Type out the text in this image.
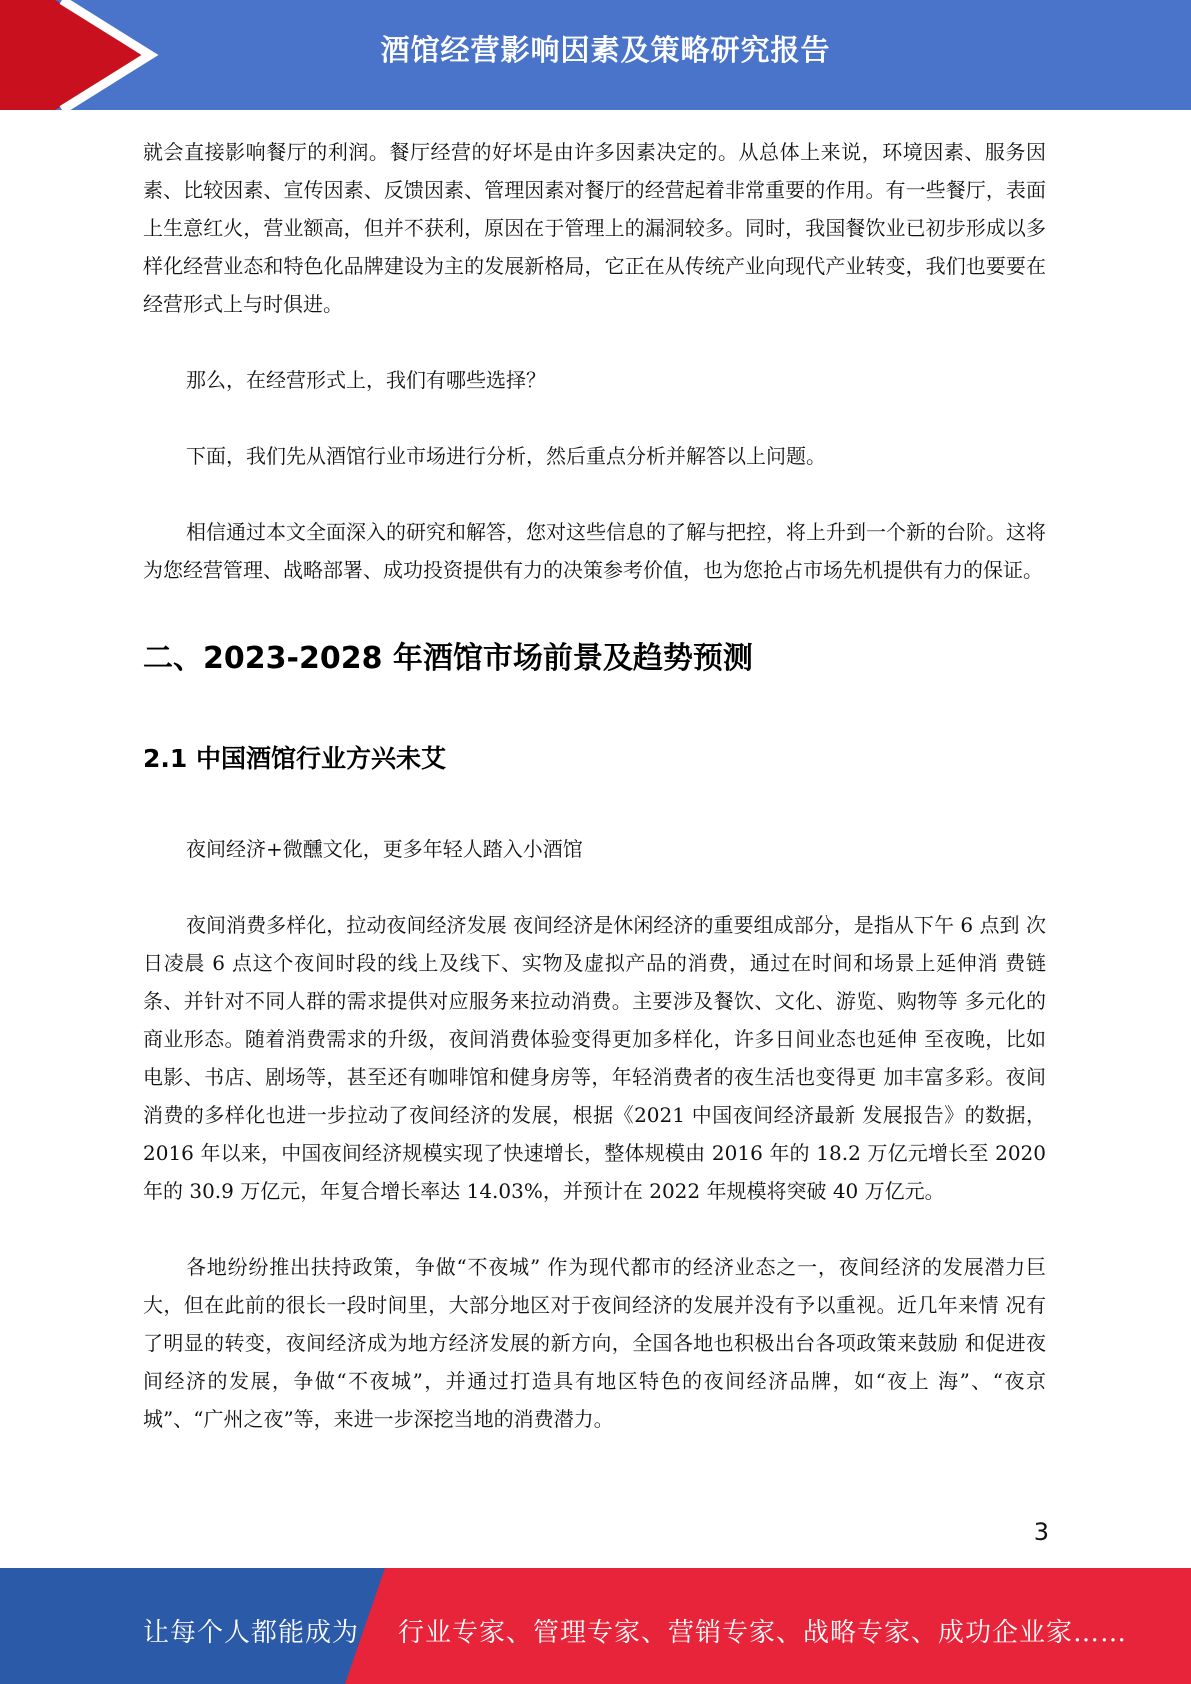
酒馆经营影响因素及策略研究报告

就会直接影响餐厅的利润。餐厅经营的好坏是由许多因素决定的。从总体上来说，环境因素、服务因素、比较因素、宣传因素、反馈因素、管理因素对餐厅的经营起着非常重要的作用。有一些餐厅，表面上生意红火，营业额高，但并不获利，原因在于管理上的漏洞较多。同时，我国餐饮业已初步形成以多样化经营业态和特色化品牌建设为主的发展新格局，它正在从传统产业向现代产业转变，我们也要要在经营形式上与时俱进。

那么，在经营形式上，我们有哪些选择？

下面，我们先从酒馆行业市场进行分析，然后重点分析并解答以上问题。

相信通过本文全面深入的研究和解答，您对这些信息的了解与把控，将上升到一个新的台阶。这将为您经营管理、战略部署、成功投资提供有力的决策参考价值，也为您抢占市场先机提供有力的保证。

二、2023-2028 年酒馆市场前景及趋势预测
2.1 中国酒馆行业方兴未艾

夜间经济+微醺文化，更多年轻人踏入小酒馆

夜间消费多样化，拉动夜间经济发展 夜间经济是休闲经济的重要组成部分，是指从下午 6 点到 次日凌晨 6 点这个夜间时段的线上及线下、实物及虚拟产品的消费，通过在时间和场景上延伸消 费链条、并针对不同人群的需求提供对应服务来拉动消费。主要涉及餐饮、文化、游览、购物等 多元化的商业形态。随着消费需求的升级，夜间消费体验变得更加多样化，许多日间业态也延伸 至夜晚，比如电影、书店、剧场等，甚至还有咖啡馆和健身房等，年轻消费者的夜生活也变得更 加丰富多彩。夜间消费的多样化也进一步拉动了夜间经济的发展，根据《2021 中国夜间经济最新 发展报告》的数据，2016 年以来，中国夜间经济规模实现了快速增长，整体规模由 2016 年的 18.2 万亿元增长至 2020 年的 30.9 万亿元，年复合增长率达 14.03%，并预计在 2022 年规模将突破 40 万亿元。

各地纷纷推出扶持政策，争做“不夜城” 作为现代都市的经济业态之一，夜间经济的发展潜力巨 大，但在此前的很长一段时间里，大部分地区对于夜间经济的发展并没有予以重视。近几年来情 况有了明显的转变，夜间经济成为地方经济发展的新方向，全国各地也积极出台各项政策来鼓励 和促进夜间经济的发展，争做“不夜城”，并通过打造具有地区特色的夜间经济品牌，如“夜上 海”、“夜京城”、“广州之夜”等，来进一步深挖当地的消费潜力。

3
让每个人都能成为 行业专家、管理专家、营销专家、战略专家、成功企业家……
